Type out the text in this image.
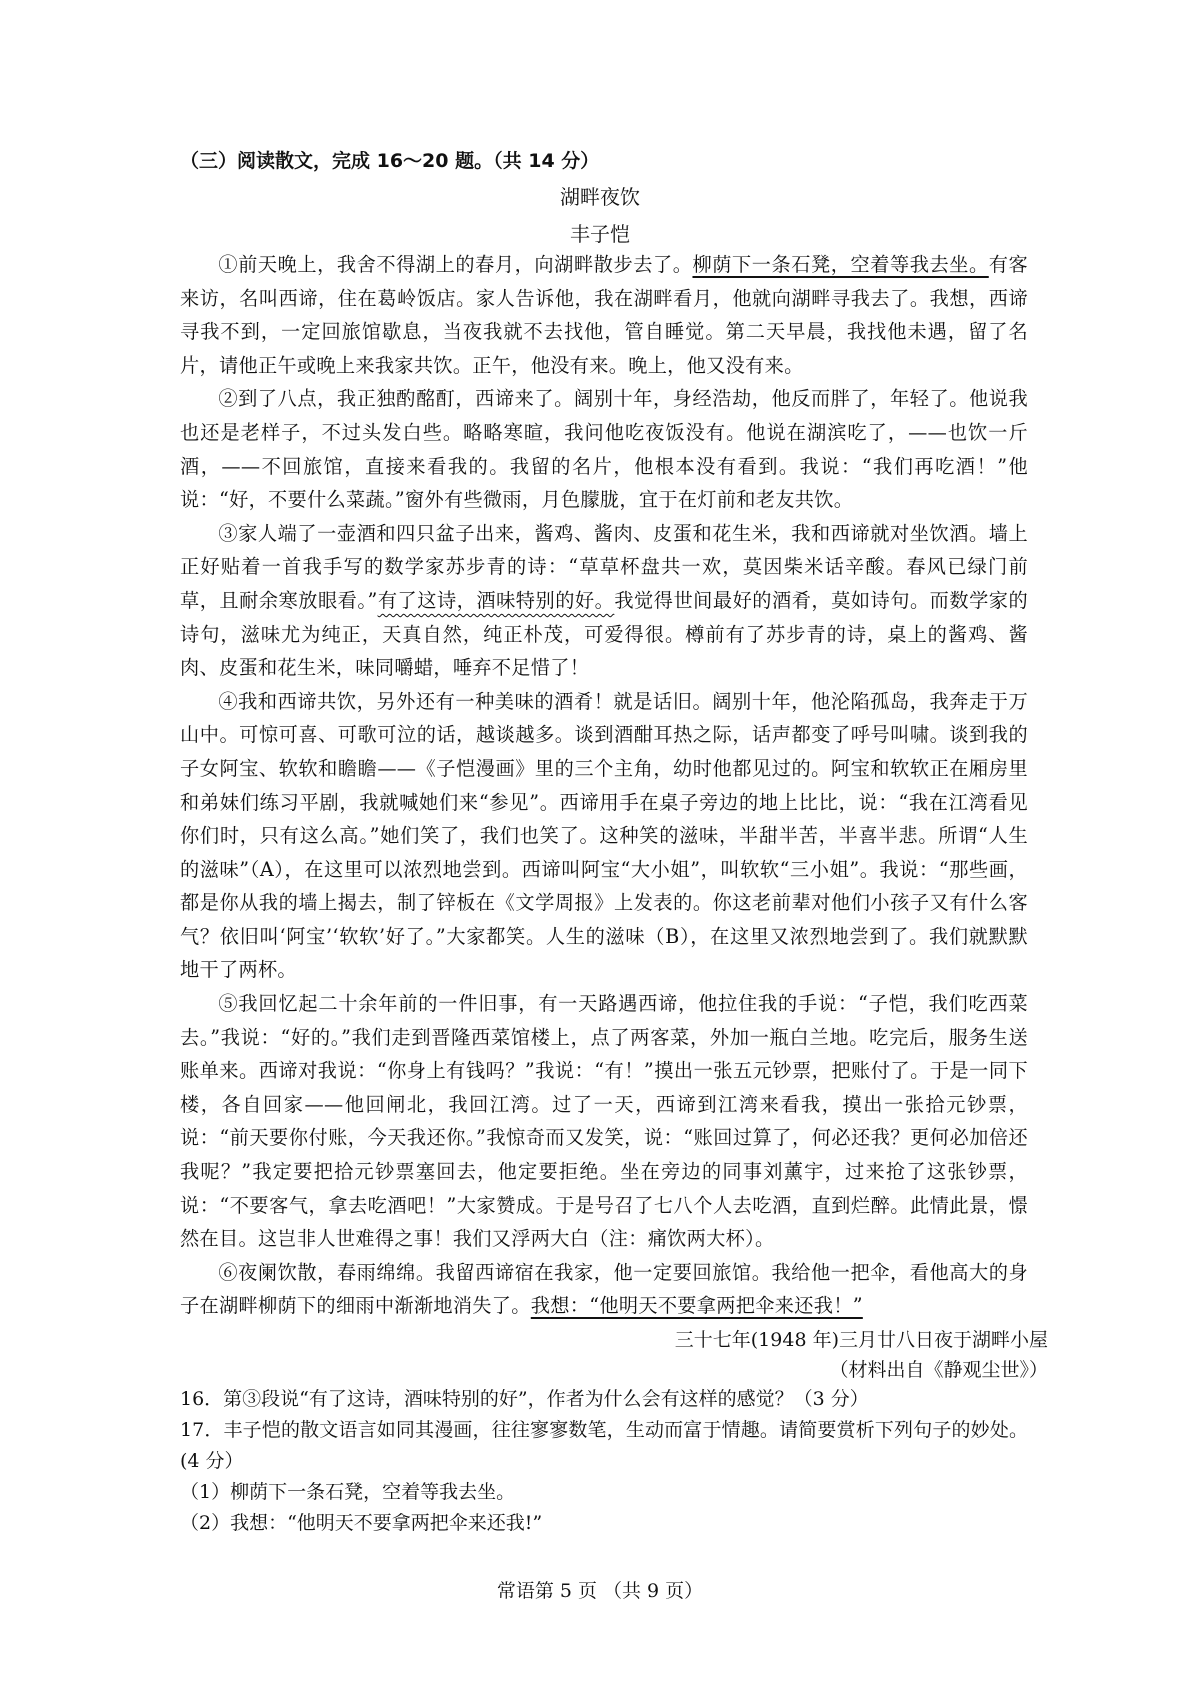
（三）阅读散文，完成 16～20 题。（共 14 分）
湖畔夜饮
丰子恺

①前天晚上，我舍不得湖上的春月，向湖畔散步去了。柳荫下一条石凳，空着等我去坐。有客来访，名叫西谛，住在葛岭饭店。家人告诉他，我在湖畔看月，他就向湖畔寻我去了。我想，西谛寻我不到，一定回旅馆歇息，当夜我就不去找他，管自睡觉。第二天早晨，我找他未遇，留了名片，请他正午或晚上来我家共饮。正午，他没有来。晚上，他又没有来。

②到了八点，我正独酌酩酊，西谛来了。阔别十年，身经浩劫，他反而胖了，年轻了。他说我也还是老样子，不过头发白些。略略寒暄，我问他吃夜饭没有。他说在湖滨吃了，——也饮一斤酒，——不回旅馆，直接来看我的。我留的名片，他根本没有看到。我说：“我们再吃酒！”他说：“好，不要什么菜蔬。”窗外有些微雨，月色朦胧，宜于在灯前和老友共饮。

③家人端了一壶酒和四只盆子出来，酱鸡、酱肉、皮蛋和花生米，我和西谛就对坐饮酒。墙上正好贴着一首我手写的数学家苏步青的诗：“草草杯盘共一欢，莫因柴米话辛酸。春风已绿门前草，且耐余寒放眼看。”有了这诗，酒味特别的好。我觉得世间最好的酒肴，莫如诗句。而数学家的诗句，滋味尤为纯正，天真自然，纯正朴茂，可爱得很。樽前有了苏步青的诗，桌上的酱鸡、酱肉、皮蛋和花生米，味同嚼蜡，唾弃不足惜了！

④我和西谛共饮，另外还有一种美味的酒肴！就是话旧。阔别十年，他沦陷孤岛，我奔走于万山中。可惊可喜、可歌可泣的话，越谈越多。谈到酒酣耳热之际，话声都变了呼号叫啸。谈到我的子女阿宝、软软和瞻瞻——《子恺漫画》里的三个主角，幼时他都见过的。阿宝和软软正在厢房里和弟妹们练习平剧，我就喊她们来“参见”。西谛用手在桌子旁边的地上比比，说：“我在江湾看见你们时，只有这么高。”她们笑了，我们也笑了。这种笑的滋味，半甜半苦，半喜半悲。所谓“人生的滋味”（A），在这里可以浓烈地尝到。西谛叫阿宝“大小姐”，叫软软“三小姐”。我说：“那些画，都是你从我的墙上揭去，制了锌板在《文学周报》上发表的。你这老前辈对他们小孩子又有什么客气？依旧叫‘阿宝’‘软软’好了。”大家都笑。人生的滋味（B），在这里又浓烈地尝到了。我们就默默地干了两杯。

⑤我回忆起二十余年前的一件旧事，有一天路遇西谛，他拉住我的手说：“子恺，我们吃西菜去。”我说：“好的。”我们走到晋隆西菜馆楼上，点了两客菜，外加一瓶白兰地。吃完后，服务生送账单来。西谛对我说：“你身上有钱吗？”我说：“有！”摸出一张五元钞票，把账付了。于是一同下楼，各自回家——他回闸北，我回江湾。过了一天，西谛到江湾来看我，摸出一张拾元钞票，说：“前天要你付账，今天我还你。”我惊奇而又发笑，说：“账回过算了，何必还我？更何必加倍还我呢？”我定要把拾元钞票塞回去，他定要拒绝。坐在旁边的同事刘薰宇，过来抢了这张钞票，说：“不要客气，拿去吃酒吧！”大家赞成。于是号召了七八个人去吃酒，直到烂醉。此情此景，憬然在目。这岂非人世难得之事！我们又浮两大白（注：痛饮两大杯）。

⑥夜阑饮散，春雨绵绵。我留西谛宿在我家，他一定要回旅馆。我给他一把伞，看他高大的身子在湖畔柳荫下的细雨中渐渐地消失了。我想：“他明天不要拿两把伞来还我！”

三十七年(1948 年)三月廿八日夜于湖畔小屋
（材料出自《静观尘世》）

16．第③段说“有了这诗，酒味特别的好”，作者为什么会有这样的感觉？（3 分）

17．丰子恺的散文语言如同其漫画，往往寥寥数笔，生动而富于情趣。请简要赏析下列句子的妙处。(4 分）

（1）柳荫下一条石凳，空着等我去坐。

（2）我想：“他明天不要拿两把伞来还我!”

常语第 5 页 （共 9 页）
